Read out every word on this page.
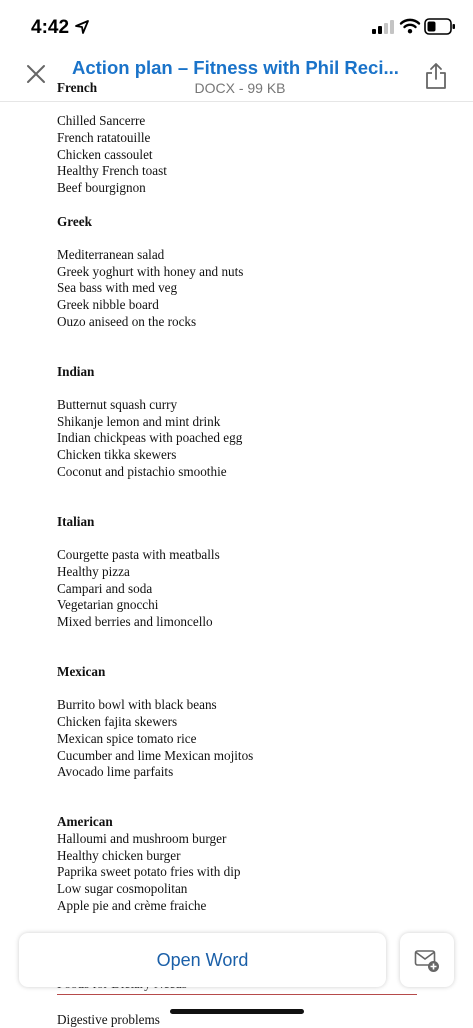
4:42
Action plan – Fitness with Phil Reci...
DOCX - 99 KB
French
Chilled Sancerre
French ratatouille
Chicken cassoulet
Healthy French toast
Beef bourgignon
Greek
Mediterranean salad
Greek yoghurt with honey and nuts
Sea bass with med veg
Greek nibble board
Ouzo aniseed on the rocks
Indian
Butternut squash curry
Shikanje lemon and mint drink
Indian chickpeas with poached egg
Chicken tikka skewers
Coconut and pistachio smoothie
Italian
Courgette pasta with meatballs
Healthy pizza
Campari and soda
Vegetarian gnocchi
Mixed berries and limoncello
Mexican
Burrito bowl with black beans
Chicken fajita skewers
Mexican spice tomato rice
Cucumber and lime Mexican mojitos
Avocado lime parfaits
American
Halloumi and mushroom burger
Healthy chicken burger
Paprika sweet potato fries with dip
Low sugar cosmopolitan
Apple pie and crème fraiche
Digestive problems
Open Word
